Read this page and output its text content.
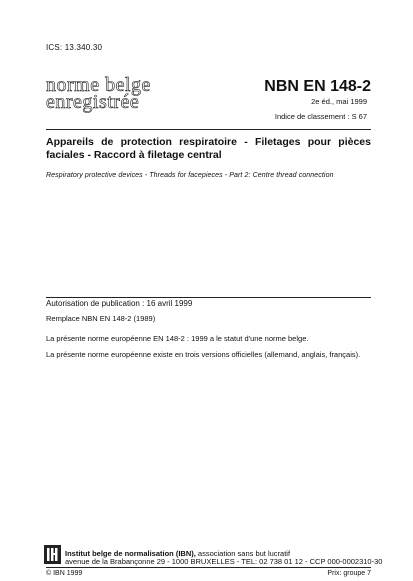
ICS: 13.340.30
norme belge
enregistrée
NBN EN 148-2
2e éd., mai 1999
Indice de classement : S 67
Appareils de protection respiratoire - Filetages pour pièces faciales - Raccord à filetage central
Respiratory protective devices - Threads for facepieces - Part 2: Centre thread connection
Autorisation de publication : 16 avril 1999
Remplace NBN EN 148-2 (1989)
La présente norme européenne EN 148-2 : 1999 a le statut d'une norme belge.
La présente norme européenne existe en trois versions officielles (allemand, anglais, français).
Institut belge de normalisation (IBN), association sans but lucratif
avenue de la Brabançonne 29 - 1000 BRUXELLES - TEL: 02 738 01 12 - CCP 000-0002310-30
© IBN 1999	Prix: groupe 7
